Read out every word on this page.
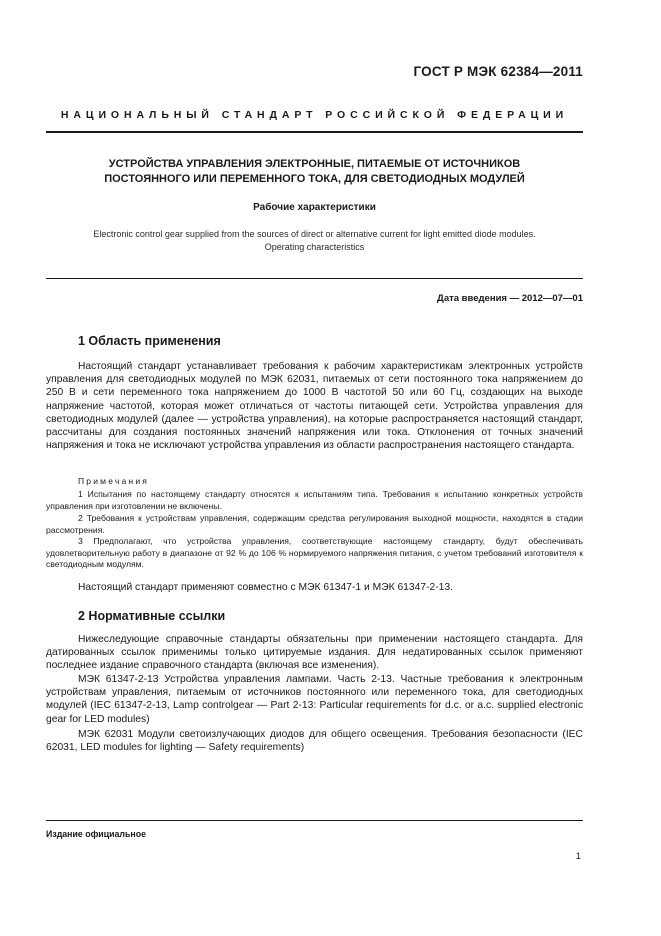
ГОСТ Р МЭК 62384—2011
НАЦИОНАЛЬНЫЙ СТАНДАРТ РОССИЙСКОЙ ФЕДЕРАЦИИ
УСТРОЙСТВА УПРАВЛЕНИЯ ЭЛЕКТРОННЫЕ, ПИТАЕМЫЕ ОТ ИСТОЧНИКОВ
ПОСТОЯННОГО ИЛИ ПЕРЕМЕННОГО ТОКА, ДЛЯ СВЕТОДИОДНЫХ МОДУЛЕЙ
Рабочие характеристики
Electronic control gear supplied from the sources of direct or alternative current for light emitted diode modules.
Operating characteristics
Дата введения — 2012—07—01
1 Область применения

Настоящий стандарт устанавливает требования к рабочим характеристикам электронных устройств управления для светодиодных модулей по МЭК 62031, питаемых от сети постоянного тока напряжением до 250 В и сети переменного тока напряжением до 1000 В частотой 50 или 60 Гц, создающих на выходе напряжение частотой, которая может отличаться от частоты питающей сети. Устройства управления для светодиодных модулей (далее — устройства управления), на которые распространяется настоящий стандарт, рассчитаны для создания постоянных значений напряжения или тока. Отклонения от точных значений напряжения и тока не исключают устройства управления из области распространения настоящего стандарта.

Примечания

1 Испытания по настоящему стандарту относятся к испытаниям типа. Требования к испытанию конкретных устройств управления при изготовлении не включены.

2 Требования к устройствам управления, содержащим средства регулирования выходной мощности, находятся в стадии рассмотрения.

3 Предполагают, что устройства управления, соответствующие настоящему стандарту, будут обеспечивать удовлетворительную работу в диапазоне от 92 % до 106 % нормируемого напряжения питания, с учетом требований изготовителя к светодиодным модулям.

Настоящий стандарт применяют совместно с МЭК 61347-1 и МЭК 61347-2-13.

2 Нормативные ссылки

Нижеследующие справочные стандарты обязательны при применении настоящего стандарта. Для датированных ссылок применимы только цитируемые издания. Для недатированных ссылок применяют последнее издание справочного стандарта (включая все изменения).

МЭК 61347-2-13 Устройства управления лампами. Часть 2-13. Частные требования к электронным устройствам управления, питаемым от источников постоянного или переменного тока, для светодиодных модулей (IEC 61347-2-13, Lamp controlgear — Part 2-13: Particular requirements for d.c. or a.c. supplied electronic gear for LED modules)

МЭК 62031 Модули светоизлучающих диодов для общего освещения. Требования безопасности (IEC 62031, LED modules for lighting — Safety requirements)

Издание официальное
1
